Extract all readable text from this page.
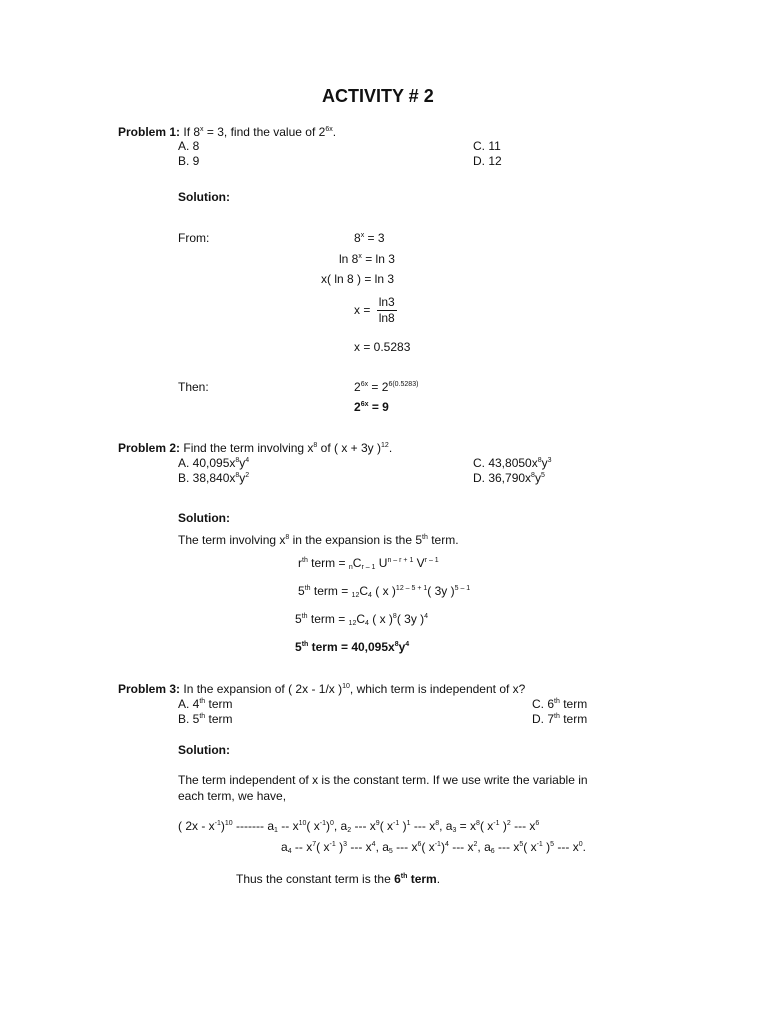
ACTIVITY # 2
Problem 1: If $8^x = 3$, find the value of $2^{6x}$.
A. 8
B. 9
C. 11
D. 12
Solution:
From:	$8^x = 3$
$\ln 8^x = \ln 3$
x( ln 8 ) = ln 3
$x = \frac{\ln 3}{\ln 8}$
x = 0.5283
Then:	$2^{6x} = 2^{6(0.5283)}$
$2^{6x} = 9$
Problem 2: Find the term involving $x^8$ of ( x + 3y )$^{12}$.
A. $40,095x^8y^4$
B. $38,840x^8y^2$
C. $43,8050x^8y^3$
D. $36,790x^8y^5$
Solution:
The term involving $x^8$ in the expansion is the 5th term.
$r^{th}$ term = $_nC_{r - 1}$ $U^{n - r + 1}$ $V^{r - 1}$
5th term = $_{12}C_4$ ( x )$^{12 - 5 + 1}$( 3y )$^{5 - 1}$
5th term = $_{12}C_4$ ( x )$^8$( 3y )$^4$
5th term = $40,095x^8y^4$
Problem 3: In the expansion of ( 2x - 1/x )$^{10}$, which term is independent of x?
A. 4th term
B. 5th term
C. 6th term
D. 7th term
Solution:
The term independent of x is the constant term. If we use write the variable in
each term, we have,
( $2x - x^{-1})^{10}$ ------- $a_1 -- x^{10}$( $x^{-1})^0$, $a_2$ --- $x^9$( $x^{-1}$ )$^1$ --- $x^8$, $a_3 = x^8$( $x^{-1}$ )$^2$ --- $x^6$
$a_4 -- x^7$( $x^{-1}$ )$^3$ --- $x^4$, $a_5$ --- $x^6$( $x^{-1})^4$ --- $x^2$, $a_6$ --- $x^5$( $x^{-1}$ )$^5$ --- $x^0$.
Thus the constant term is the 6th term.
